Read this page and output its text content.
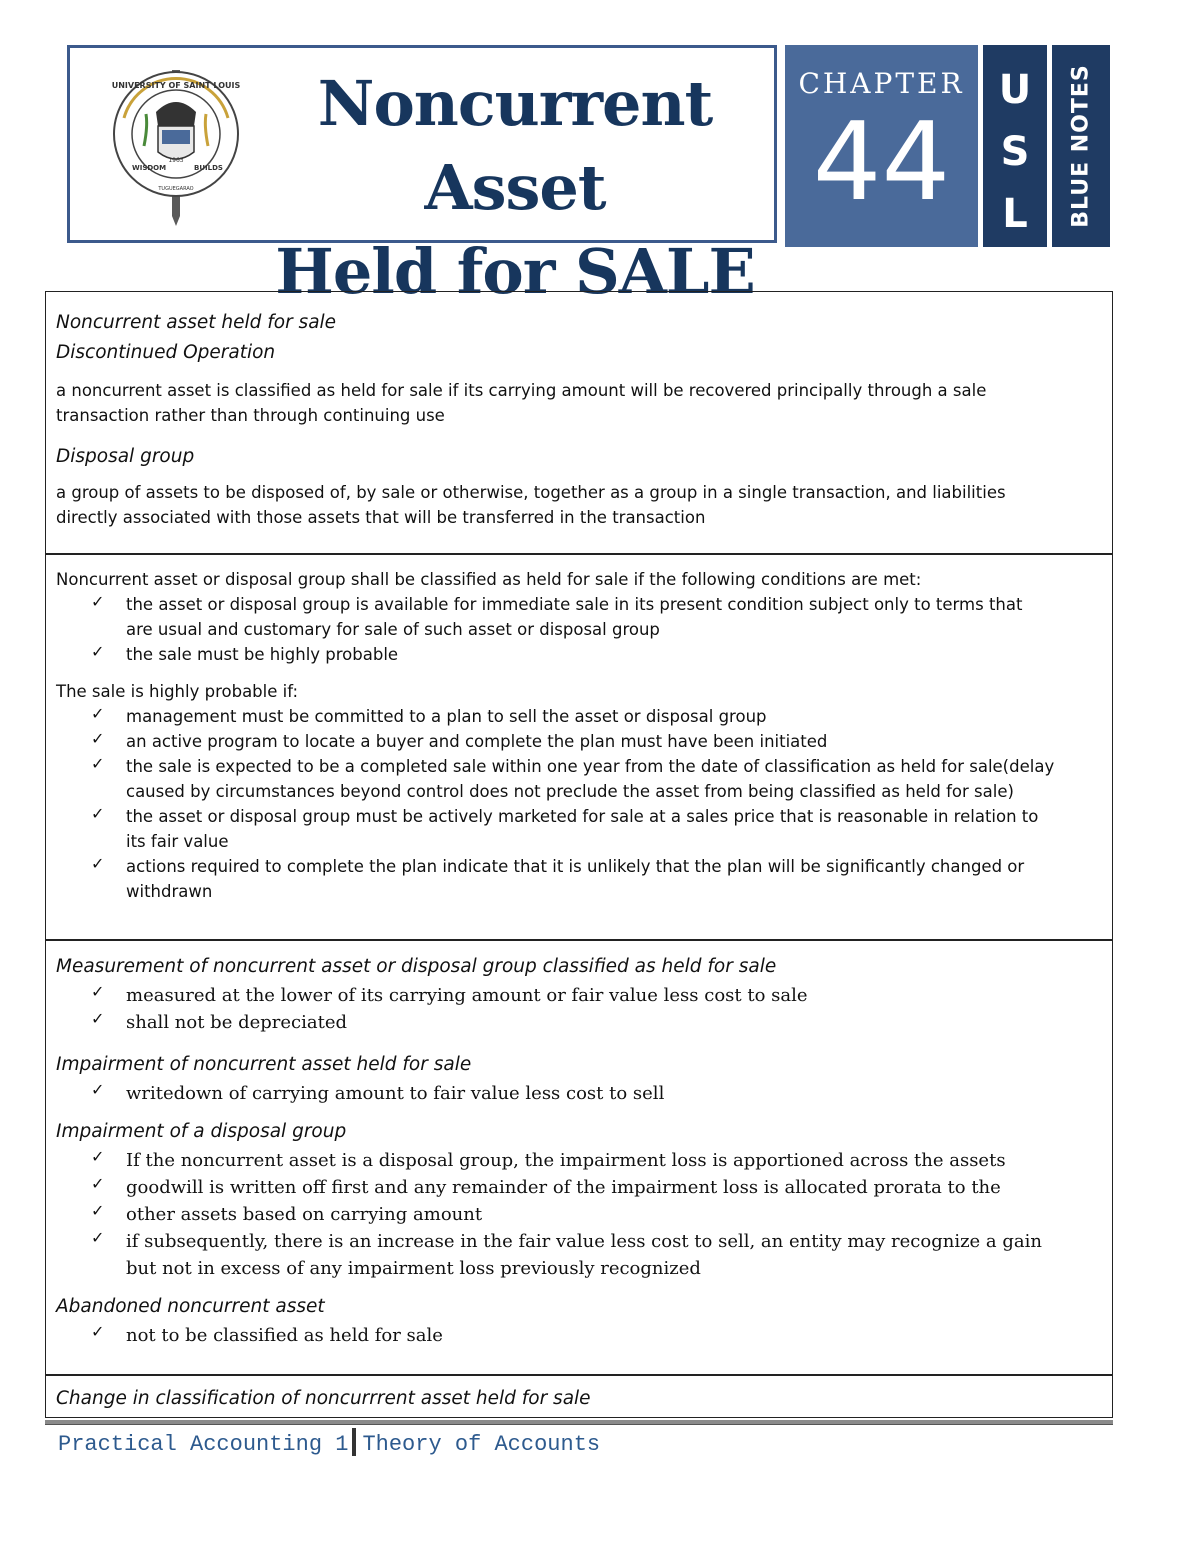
UNIVERSITY OF SAINT LOUIS
WISDOM	BUILDS
TUGUEGARAO
1963
Noncurrent Asset
Held for SALE
CHAPTER
44
U
S
L	BLUE NOTES

Noncurrent asset held for sale

Discontinued Operation

a noncurrent asset is classified as held for sale if its carrying amount will be recovered principally through a sale

transaction rather than through continuing use

Disposal group

a group of assets to be disposed of, by sale or otherwise, together as a group in a single transaction, and liabilities

directly associated with those assets that will be transferred in the transaction

Noncurrent asset or disposal group shall be classified as held for sale if the following conditions are met:

✓ the asset or disposal group is available for immediate sale in its present condition subject only to terms that

are usual and customary for sale of such asset or disposal group

✓ the sale must be highly probable

The sale is highly probable if:

✓ management must be committed to a plan to sell the asset or disposal group

✓ an active program to locate a buyer and complete the plan must have been initiated

✓ the sale is expected to be a completed sale within one year from the date of classification as held for sale(delay

caused by circumstances beyond control does not preclude the asset from being classified as held for sale)

✓ the asset or disposal group must be actively marketed for sale at a sales price that is reasonable in relation to

its fair value

✓ actions required to complete the plan indicate that it is unlikely that the plan will be significantly changed or

withdrawn

Measurement of noncurrent asset or disposal group classified as held for sale

✓ measured at the lower of its carrying amount or fair value less cost to sale

✓ shall not be depreciated

Impairment of noncurrent asset held for sale

✓ writedown of carrying amount to fair value less cost to sell

Impairment of a disposal group

✓ If the noncurrent asset is a disposal group, the impairment loss is apportioned across the assets

✓ goodwill is written off first and any remainder of the impairment loss is allocated prorata to the

✓ other assets based on carrying amount

✓ if subsequently, there is an increase in the fair value less cost to sell, an entity may recognize a gain

but not in excess of any impairment loss previously recognized

Abandoned noncurrent asset

✓ not to be classified as held for sale

Change in classification of noncurrrent asset held for sale

Practical Accounting 1 Theory of Accounts
